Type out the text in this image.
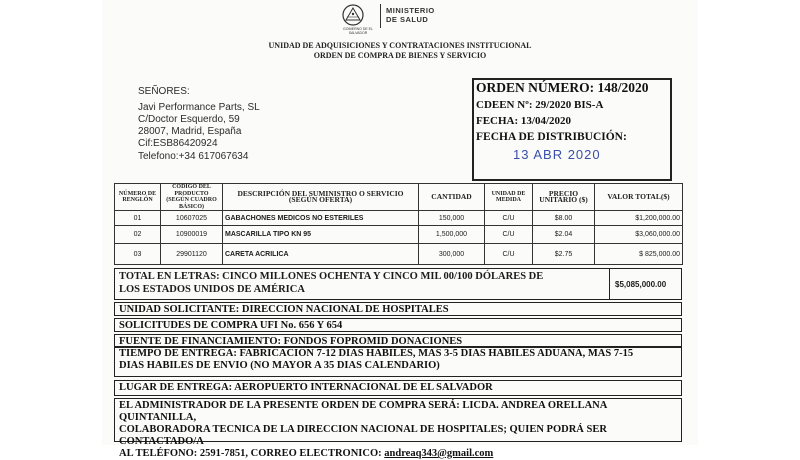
GOBIERNO DE EL SALVADOR
MINISTERIO
DE SALUD
UNIDAD DE ADQUISICIONES Y CONTRATACIONES INSTITUCIONAL
ORDEN DE COMPRA DE BIENES Y SERVICIO
SEÑORES:
Javi Performance Parts, SL
C/Doctor Esquerdo, 59
28007, Madrid, España
Cif:ESB86420924
Telefono:+34 617067634
ORDEN NÚMERO: 148/2020
CDEEN Nº: 29/2020 BIS-A
FECHA: 13/04/2020
FECHA DE DISTRIBUCIÓN:
13 ABR 2020
NÚMERO DE RENGLÓN	CÓDIGO DEL PRODUCTO (SEGÚN CUADRO BÁSICO)	DESCRIPCIÓN DEL SUMINISTRO O SERVICIO (SEGÚN OFERTA)	CANTIDAD	UNIDAD DE MEDIDA	PRECIO UNITARIO ($)	VALOR TOTAL($)
01	10607025	GABACHONES MEDICOS NO ESTERILES	150,000	C/U	$8.00	$1,200,000.00
02	10900019	MASCARILLA TIPO KN 95	1,500,000	C/U	$2.04	$3,060,000.00
03	29901120	CARETA ACRILICA	300,000	C/U	$2.75	$ 825,000.00
TOTAL EN LETRAS: CINCO MILLONES OCHENTA Y CINCO MIL 00/100 DÓLARES DE
LOS ESTADOS UNIDOS DE AMÉRICA	$5,085,000.00
UNIDAD SOLICITANTE: DIRECCION NACIONAL DE HOSPITALES
SOLICITUDES DE COMPRA UFI No. 656 Y 654
FUENTE DE FINANCIAMIENTO: FONDOS FOPROMID DONACIONES
TIEMPO DE ENTREGA: FABRICACION 7-12 DIAS HABILES, MAS 3-5 DIAS HABILES ADUANA, MAS 7-15
DIAS HABILES DE ENVIO (NO MAYOR A 35 DIAS CALENDARIO)
LUGAR DE ENTREGA: AEROPUERTO INTERNACIONAL DE EL SALVADOR
EL ADMINISTRADOR DE LA PRESENTE ORDEN DE COMPRA SERÁ: LICDA. ANDREA ORELLANA QUINTANILLA,
COLABORADORA TECNICA DE LA DIRECCION NACIONAL DE HOSPITALES; QUIEN PODRÁ SER CONTACTADO/A
AL TELÉFONO: 2591-7851, CORREO ELECTRONICO: andreaq343@gmail.com
